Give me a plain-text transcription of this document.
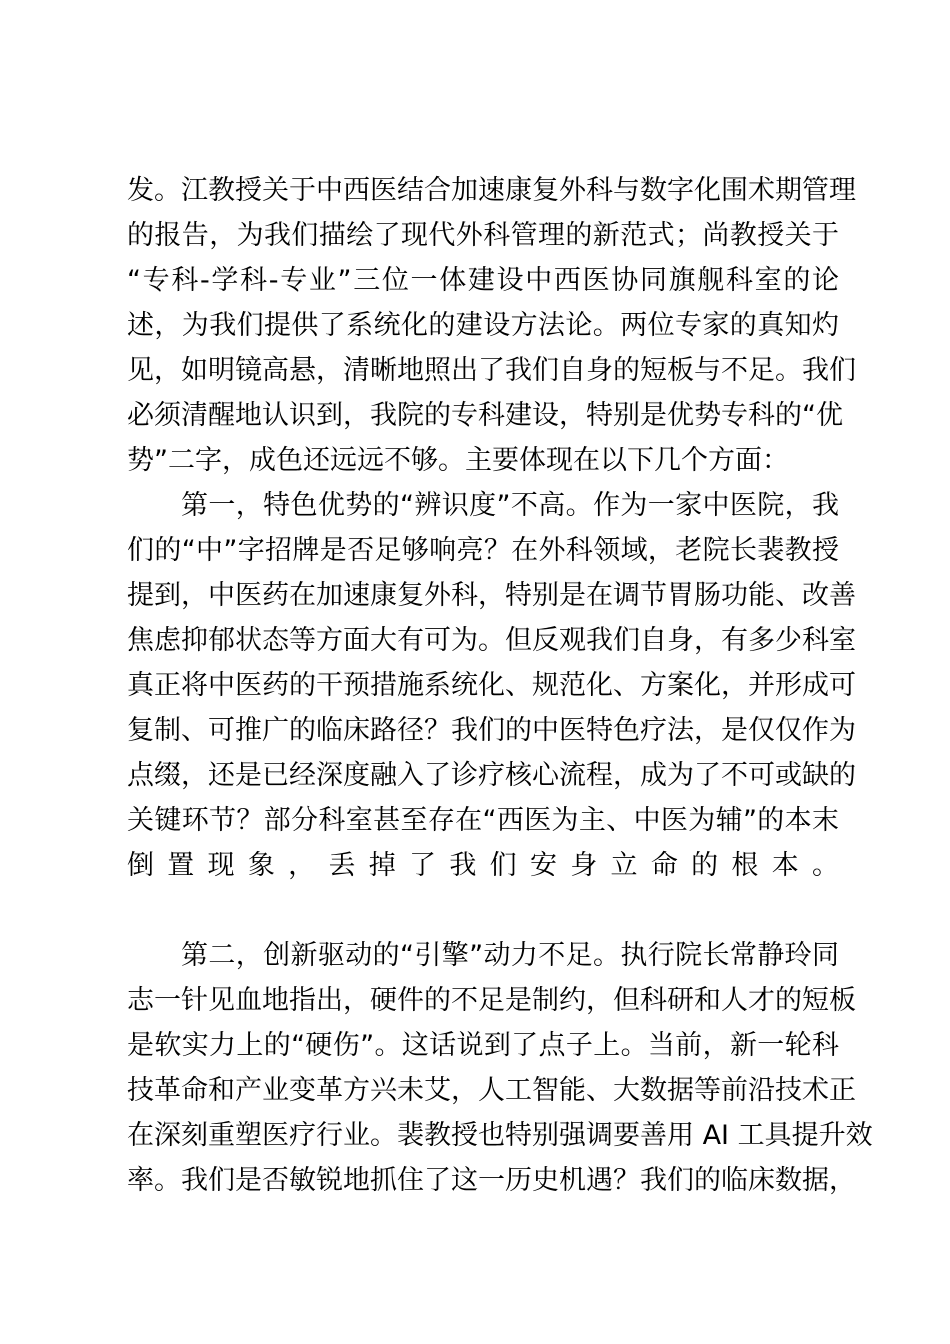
发。江教授关于中西医结合加速康复外科与数字化围术期管理
的报告，为我们描绘了现代外科管理的新范式；尚教授关于
“专科-学科-专业”三位一体建设中西医协同旗舰科室的论
述，为我们提供了系统化的建设方法论。两位专家的真知灼
见，如明镜高悬，清晰地照出了我们自身的短板与不足。我们
必须清醒地认识到，我院的专科建设，特别是优势专科的“优
势”二字，成色还远远不够。主要体现在以下几个方面：
第一，特色优势的“辨识度”不高。作为一家中医院，我
们的“中”字招牌是否足够响亮？在外科领域，老院长裴教授
提到，中医药在加速康复外科，特别是在调节胃肠功能、改善
焦虑抑郁状态等方面大有可为。但反观我们自身，有多少科室
真正将中医药的干预措施系统化、规范化、方案化，并形成可
复制、可推广的临床路径？我们的中医特色疗法，是仅仅作为
点缀，还是已经深度融入了诊疗核心流程，成为了不可或缺的
关键环节？部分科室甚至存在“西医为主、中医为辅”的本末
倒置现象，丢掉了我们安身立命的根本。
第二，创新驱动的“引擎”动力不足。执行院长常静玲同
志一针见血地指出，硬件的不足是制约，但科研和人才的短板
是软实力上的“硬伤”。这话说到了点子上。当前，新一轮科
技革命和产业变革方兴未艾，人工智能、大数据等前沿技术正
在深刻重塑医疗行业。裴教授也特别强调要善用 AI 工具提升效
率。我们是否敏锐地抓住了这一历史机遇？我们的临床数据，
